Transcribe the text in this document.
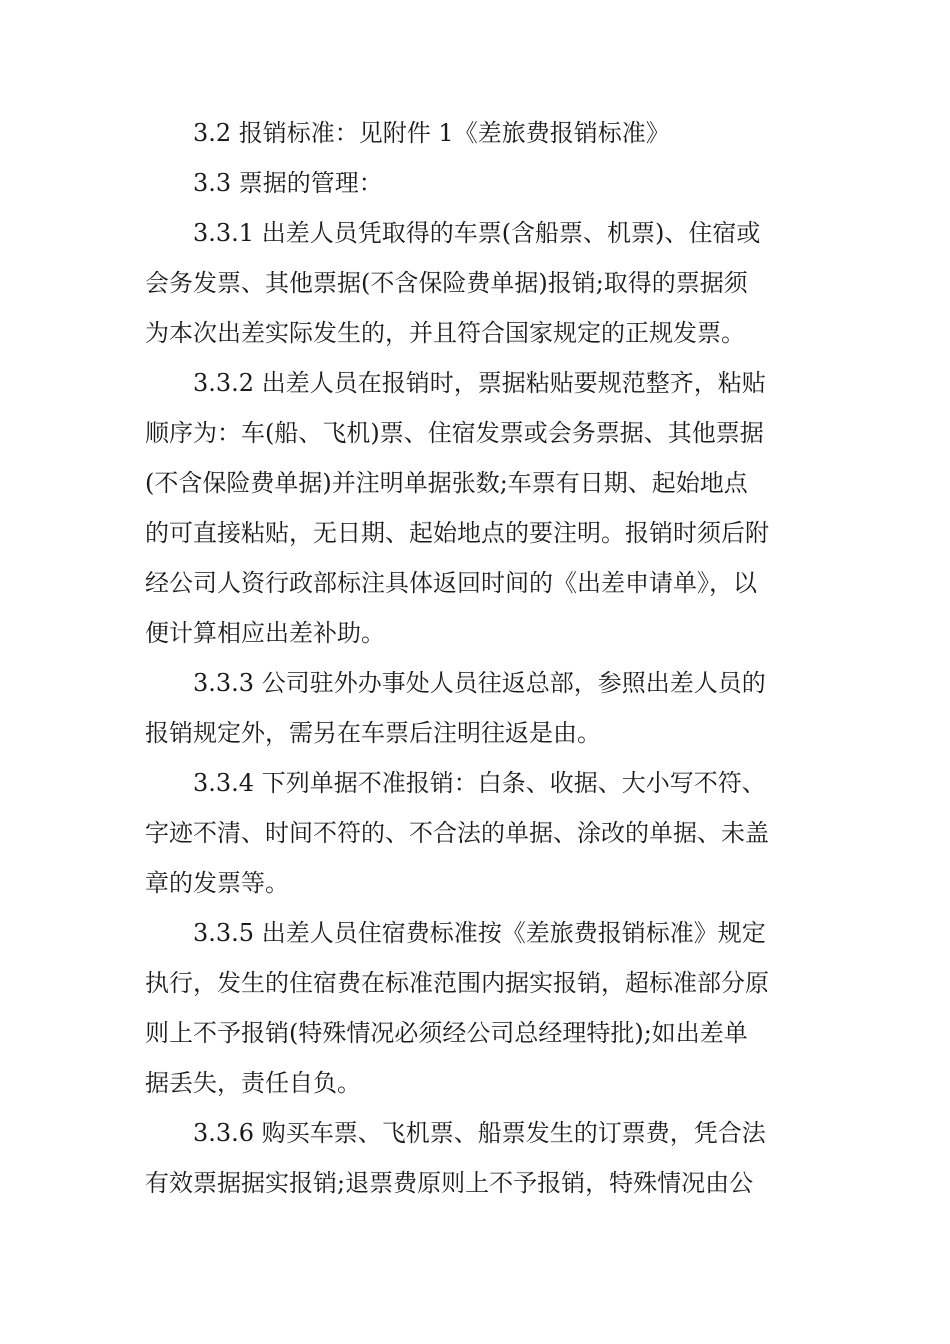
3.2 报销标准：见附件 1《差旅费报销标准》
3.3 票据的管理：
3.3.1 出差人员凭取得的车票(含船票、机票)、住宿或
会务发票、其他票据(不含保险费单据)报销;取得的票据须
为本次出差实际发生的，并且符合国家规定的正规发票。
3.3.2 出差人员在报销时，票据粘贴要规范整齐，粘贴
顺序为：车(船、飞机)票、住宿发票或会务票据、其他票据
(不含保险费单据)并注明单据张数;车票有日期、起始地点
的可直接粘贴，无日期、起始地点的要注明。报销时须后附
经公司人资行政部标注具体返回时间的《出差申请单》，以
便计算相应出差补助。
3.3.3 公司驻外办事处人员往返总部，参照出差人员的
报销规定外，需另在车票后注明往返是由。
3.3.4 下列单据不准报销：白条、收据、大小写不符、
字迹不清、时间不符的、不合法的单据、涂改的单据、未盖
章的发票等。
3.3.5 出差人员住宿费标准按《差旅费报销标准》规定
执行，发生的住宿费在标准范围内据实报销，超标准部分原
则上不予报销(特殊情况必须经公司总经理特批);如出差单
据丢失，责任自负。
3.3.6 购买车票、飞机票、船票发生的订票费，凭合法
有效票据据实报销;退票费原则上不予报销，特殊情况由公
